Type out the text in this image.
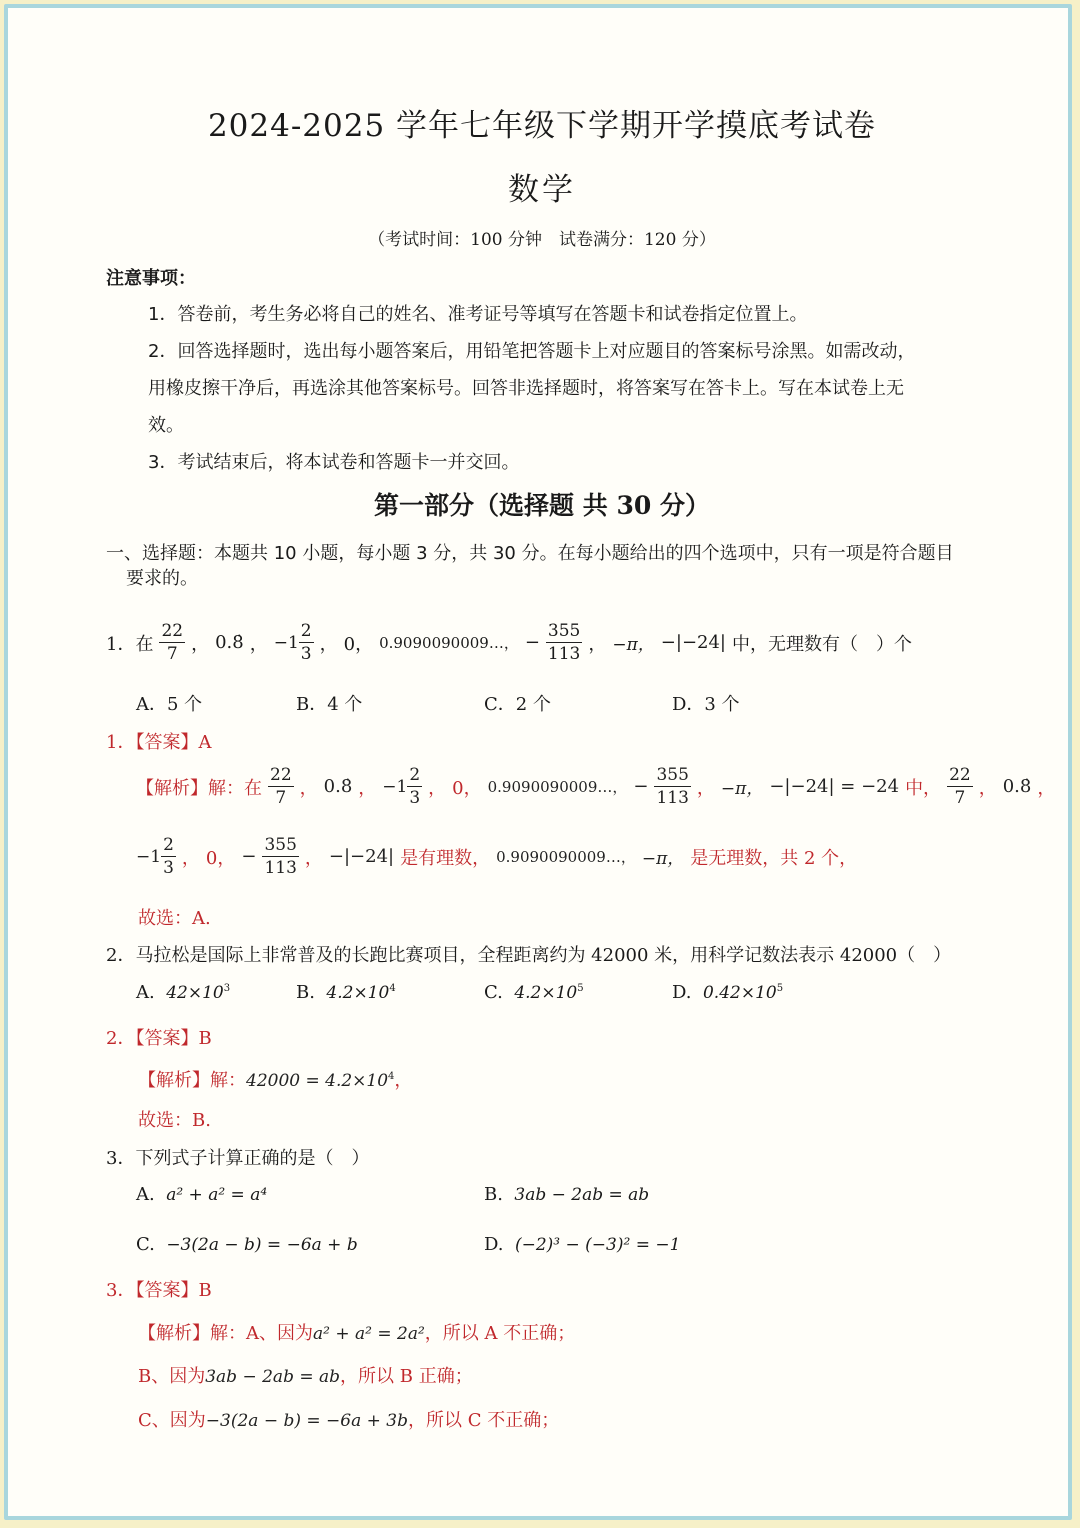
2024-2025 学年七年级下学期开学摸底考试卷
数学
（考试时间：100 分钟　试卷满分：120 分）
注意事项：
1．答卷前，考生务必将自己的姓名、准考证号等填写在答题卡和试卷指定位置上。
2．回答选择题时，选出每小题答案后，用铅笔把答题卡上对应题目的答案标号涂黑。如需改动，
用橡皮擦干净后，再选涂其他答案标号。回答非选择题时，将答案写在答卡上。写在本试卷上无
效。
3．考试结束后，将本试卷和答题卡一并交回。
第一部分（选择题 共 30 分）
一、选择题：本题共 10 小题，每小题 3 分，共 30 分。在每小题给出的四个选项中，只有一项是符合题目
要求的。
1．在 $\frac{22}{7}$ ， 0.8̇ ， $-1 \frac{2}{3}$ ， 0， 0.9090090009…， − $\frac{355}{113}$ ， −π， −|−24| 中，无理数有（　）个
A．5 个	B．4 个	C．2 个	D．3 个
1．【答案】A
【解析】解：在 $\frac{22}{7}$ ， 0.8̇ ， $-1 \frac{2}{3}$ ， 0， 0.9090090009…， − $\frac{355}{113}$ ， −π， −|−24| = −24 中， $\frac{22}{7}$ ， 0.8̇ ，
$-1 \frac{2}{3}$ ， 0， − $\frac{355}{113}$ ， −|−24| 是有理数， 0.9090090009…， −π， 是无理数，共 2 个，
故选：A.
2．马拉松是国际上非常普及的长跑比赛项目，全程距离约为 42000 米，用科学记数法表示 42000（　）
A. $42\times 10^3$	B. $4.2\times 10^4$	C. $4.2\times 10^5$	D. $0.42\times 10^5$
2．【答案】B
【解析】解：$42000 = 4.2\times 10^4$，
故选：B.
3．下列式子计算正确的是（　）
A. a² + a² = a⁴	B. 3ab − 2ab = ab
C. −3(2a − b) = −6a + b	D. (−2)³ − (−3)² = −1
3．【答案】B
【解析】解：A、因为a² + a² = 2a²，所以 A 不正确；
B、因为3ab − 2ab = ab，所以 B 正确；
C、因为−3(2a − b) = −6a + 3b，所以 C 不正确；
